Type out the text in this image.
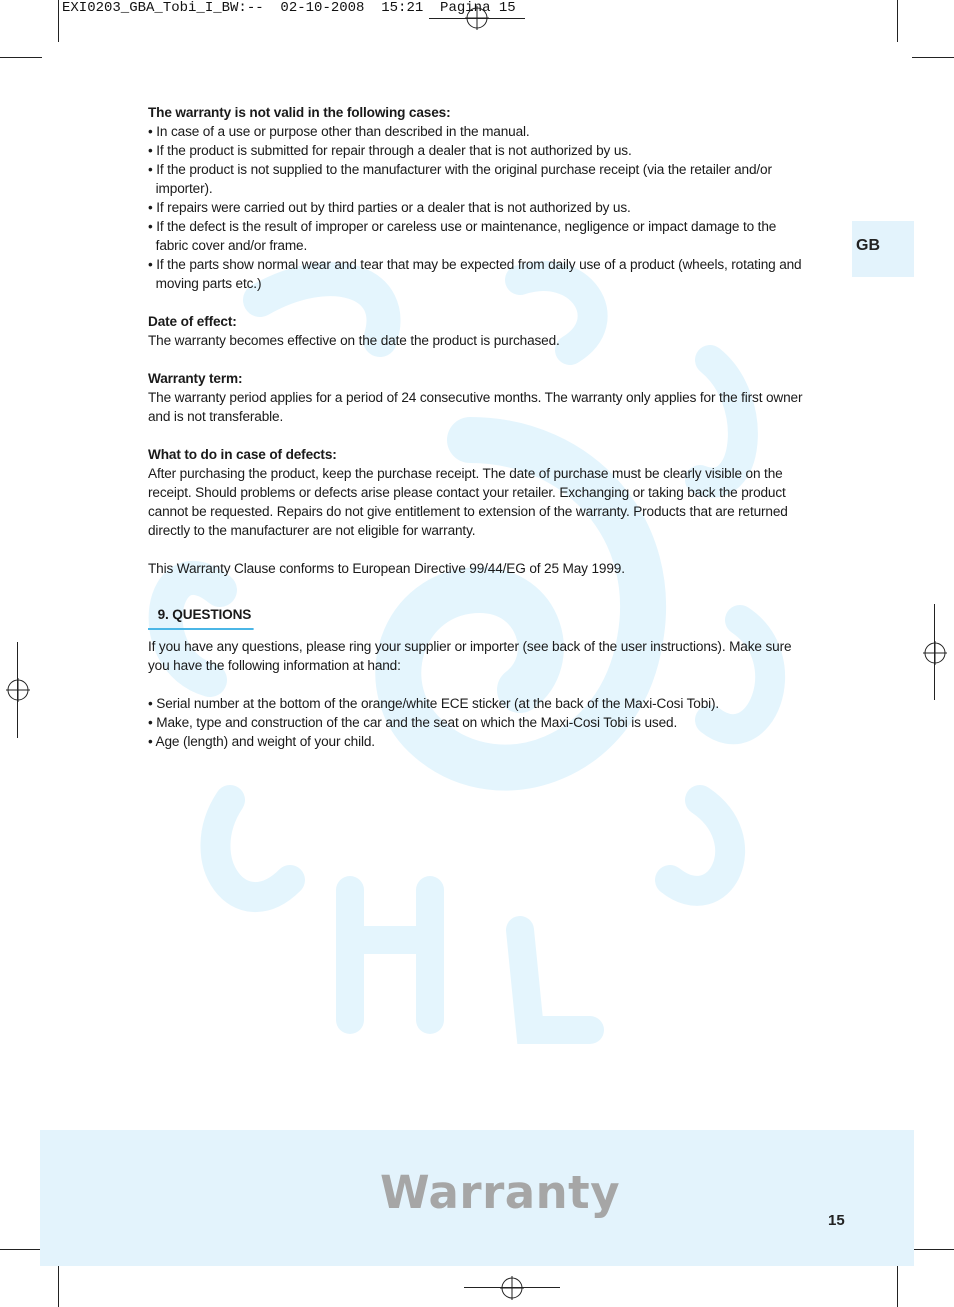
EXI0203_GBA_Tobi_I_BW:--  02-10-2008  15:21  Pagina 15
GB

The warranty is not valid in the following cases:

• In case of a use or purpose other than described in the manual.

• If the product is submitted for repair through a dealer that is not authorized by us.

• If the product is not supplied to the manufacturer with the original purchase receipt (via the retailer and/or importer).

• If repairs were carried out by third parties or a dealer that is not authorized by us.

• If the defect is the result of improper or careless use or maintenance, negligence or impact damage to the fabric cover and/or frame.

• If the parts show normal wear and tear that may be expected from daily use of a product (wheels, rotating and moving parts etc.)

Date of effect:

The warranty becomes effective on the date the product is purchased.

Warranty term:

The warranty period applies for a period of 24 consecutive months. The warranty only applies for the first owner and is not transferable.

What to do in case of defects:

After purchasing the product, keep the purchase receipt. The date of purchase must be clearly visible on the receipt. Should problems or defects arise please contact your retailer. Exchanging or taking back the product cannot be requested. Repairs do not give entitlement to extension of the warranty. Products that are returned directly to the manufacturer are not eligible for warranty.

This Warranty Clause conforms to European Directive 99/44/EG of 25 May 1999.

9. QUESTIONS

If you have any questions, please ring your supplier or importer (see back of the user instructions). Make sure you have the following information at hand:

• Serial number at the bottom of the orange/white ECE sticker (at the back of the Maxi-Cosi Tobi).

• Make, type and construction of the car and the seat on which the Maxi-Cosi Tobi is used.

• Age (length) and weight of your child.

Warranty
15
